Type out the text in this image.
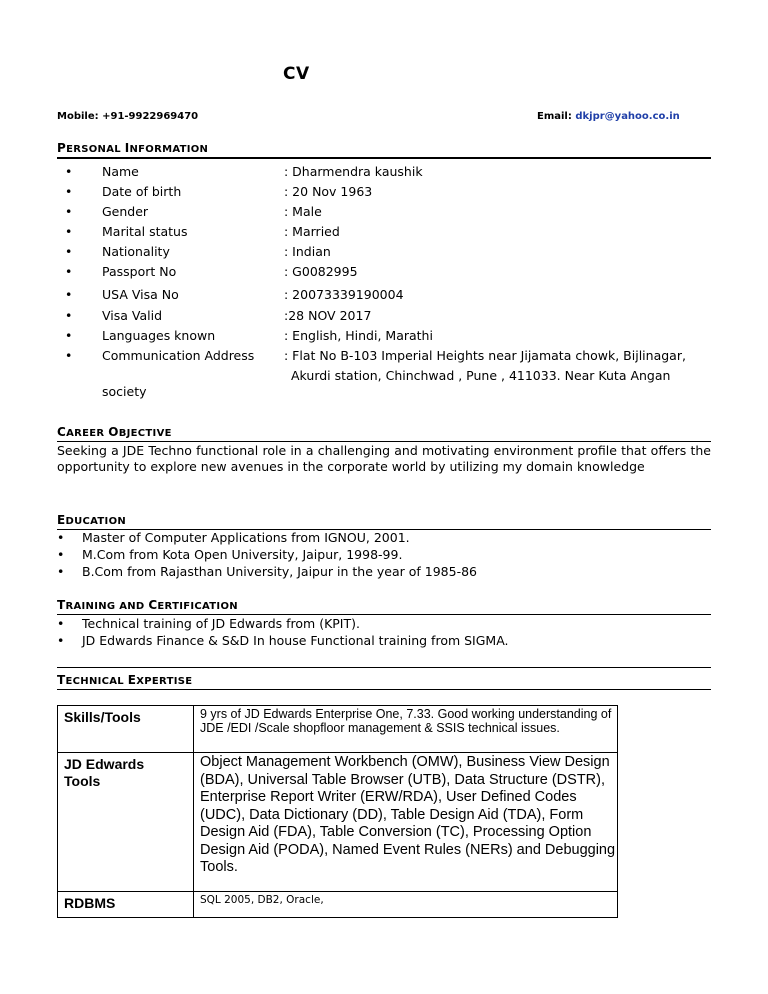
CV
Mobile: +91-9922969470	Email: dkjpr@yahoo.co.in
PERSONAL INFORMATION
• Name	: Dharmendra kaushik
• Date of birth	: 20 Nov 1963
• Gender	: Male
• Marital status	: Married
• Nationality	: Indian
• Passport No	: G0082995
• USA Visa No	: 20073339190004
• Visa Valid	:28 NOV 2017
• Languages known	: English, Hindi, Marathi
• Communication Address : Flat No B-103 Imperial Heights near Jijamata chowk, Bijlinagar,
Akurdi station, Chinchwad , Pune , 411033. Near Kuta Angan
society
CAREER OBJECTIVE
Seeking a JDE Techno functional role in a challenging and motivating environment profile that offers the opportunity to explore new avenues in the corporate world by utilizing my domain knowledge
EDUCATION
• Master of Computer Applications from IGNOU, 2001.
• M.Com from Kota Open University, Jaipur, 1998-99.
• B.Com from Rajasthan University, Jaipur in the year of 1985-86
TRAINING AND CERTIFICATION
• Technical training of JD Edwards from (KPIT).
• JD Edwards Finance & S&D In house Functional training from SIGMA.
TECHNICAL EXPERTISE
Skills/Tools	9 yrs of JD Edwards Enterprise One, 7.33. Good working understanding of JDE /EDI /Scale shopfloor management & SSIS technical issues.
JD Edwards Tools	Object Management Workbench (OMW), Business View Design (BDA), Universal Table Browser (UTB), Data Structure (DSTR), Enterprise Report Writer (ERW/RDA), User Defined Codes (UDC), Data Dictionary (DD), Table Design Aid (TDA), Form Design Aid (FDA), Table Conversion (TC), Processing Option Design Aid (PODA), Named Event Rules (NERs) and Debugging Tools.
RDBMS	SQL 2005, DB2, Oracle,
